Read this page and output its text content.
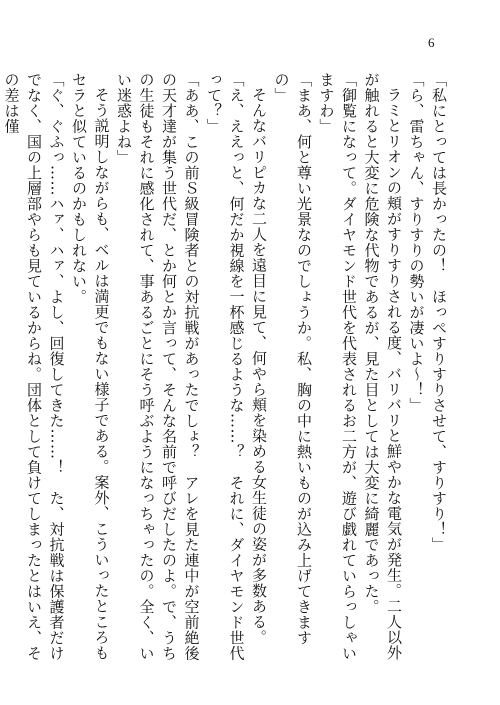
6

「私にとっては長かったの！　ほっぺすりすりさせて、すりすり！」

「ら、雷ちゃん、すりすりの勢いが凄いよ〜！」

ラミとリオンの頬がすりすりされる度、バリバリと鮮やかな電気が発生。二人以外が触れると大変に危険な代物であるが、見た目としては大変に綺麗であった。

「御覧になって。ダイヤモンド世代を代表されるお二方が、遊び戯れていらっしゃいますわ」

「まあ、何と尊い光景なのでしょうか。私、胸の中に熱いものが込み上げてきますの」

そんなバリピカな二人を遠目に見て、何やら頬を染める女生徒の姿が多数ある。

「え、ええっと、何だか視線を一杯感じるような……？　それに、ダイヤモンド世代って？」

「ああ、この前Ｓ級冒険者との対抗戦があったでしょ？　アレを見た連中が空前絶後の天才達が集う世代だ、とか何とか言って、そんな名前で呼びだしたのよ。で、うちの生徒もそれに感化されて、事あるごとにそう呼ぶようになっちゃったの。全く、いい迷惑よね」

そう説明しながらも、ベルは満更でもない様子である。案外、こういったところもセラと似ているのかもしれない。

「ぐ、ぐふっ……ハァ、ハァ、よし、回復してきた……！　た、対抗戦は保護者だけでなく、国の上層部やらも見ているからね。団体として負けてしまったとはいえ、その差は僅
